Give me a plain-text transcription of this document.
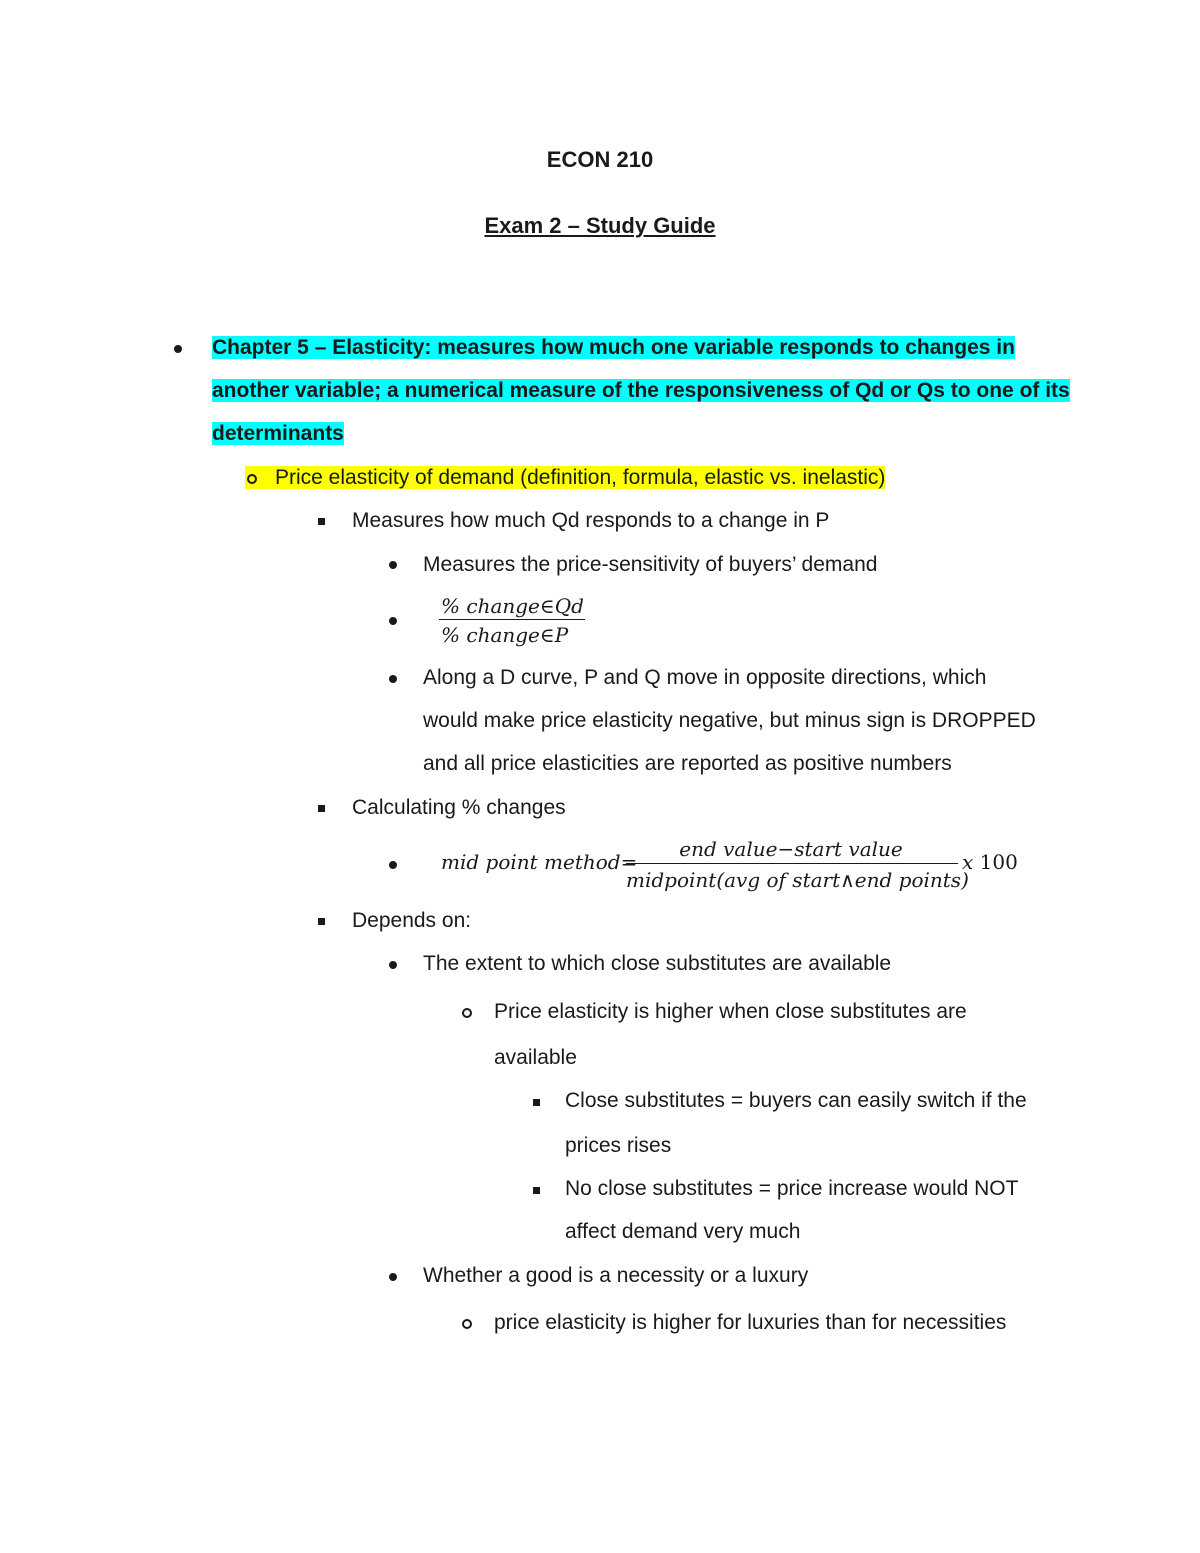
ECON 210
Exam 2 – Study Guide
Chapter 5 – Elasticity: measures how much one variable responds to changes in
another variable; a numerical measure of the responsiveness of Qd or Qs to one of its
determinants
Price elasticity of demand (definition, formula, elastic vs. inelastic)
Measures how much Qd responds to a change in P
Measures the price-sensitivity of buyers’ demand
% change∈Qd
% change∈P
Along a D curve, P and Q move in opposite directions, which
would make price elasticity negative, but minus sign is DROPPED
and all price elasticities are reported as positive numbers
Calculating % changes
mid point method=
end value−start value
midpoint(avg of start∧end points)
x 100
Depends on:
The extent to which close substitutes are available
Price elasticity is higher when close substitutes are
available
Close substitutes = buyers can easily switch if the
prices rises
No close substitutes = price increase would NOT
affect demand very much
Whether a good is a necessity or a luxury
price elasticity is higher for luxuries than for necessities
